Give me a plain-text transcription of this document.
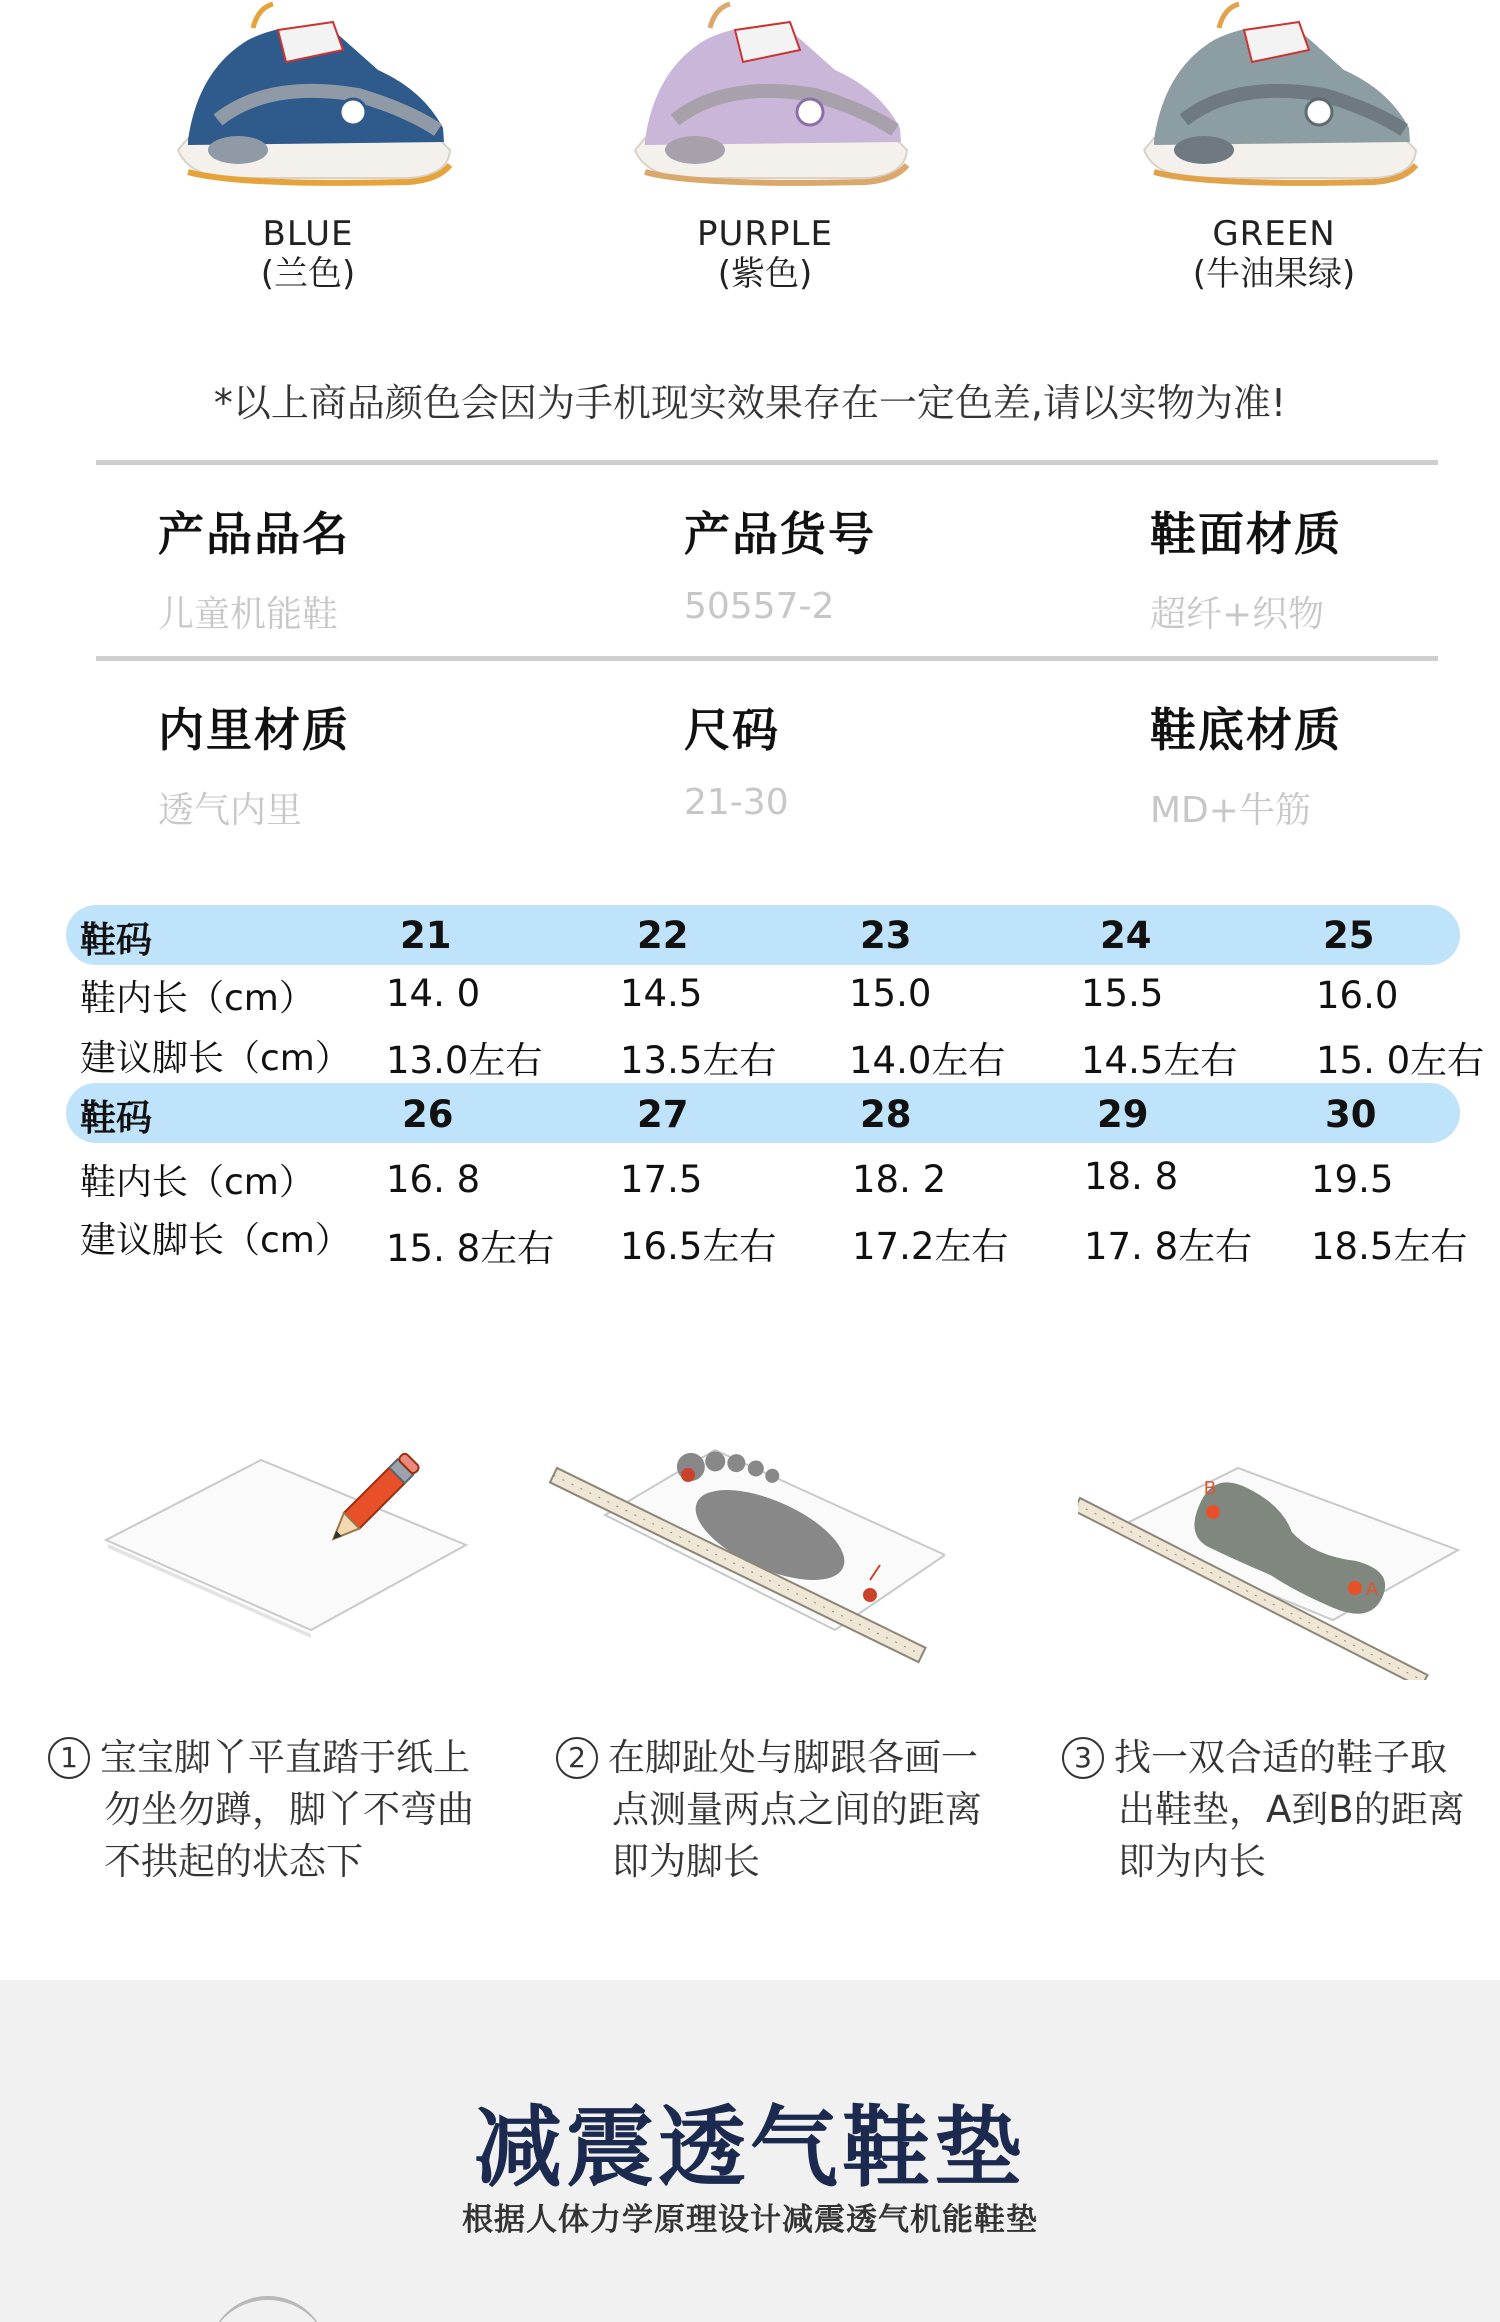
BLUE
(兰色)
PURPLE
(紫色)
GREEN
(牛油果绿)
*以上商品颜色会因为手机现实效果存在一定色差,请以实物为准!
产品品名
儿童机能鞋
产品货号
50557-2
鞋面材质
超纤+织物
内里材质
透气内里
尺码
21-30
鞋底材质
MD+牛筋
鞋码	21	22	23	24	25
鞋内长（cm） 14. 0	14.5	15.0	15.5	16.0
建议脚长（cm） 13.0左右 13.5左右 14.0左右 14.5左右 15. 0左右
鞋码	26	27	28	29	30
鞋内长（cm） 16. 8	17.5	18. 2	18. 8	19.5
建议脚长（cm） 15. 8左右 16.5左右 17.2左右 17. 8左右 18.5左右
B
A
1 宝宝脚丫平直踏于纸上
勿坐勿蹲，脚丫不弯曲
不拱起的状态下
2 在脚趾处与脚跟各画一
点测量两点之间的距离
即为脚长
3 找一双合适的鞋子取
出鞋垫，A到B的距离
即为内长
减震透气鞋垫
根据人体力学原理设计减震透气机能鞋垫
